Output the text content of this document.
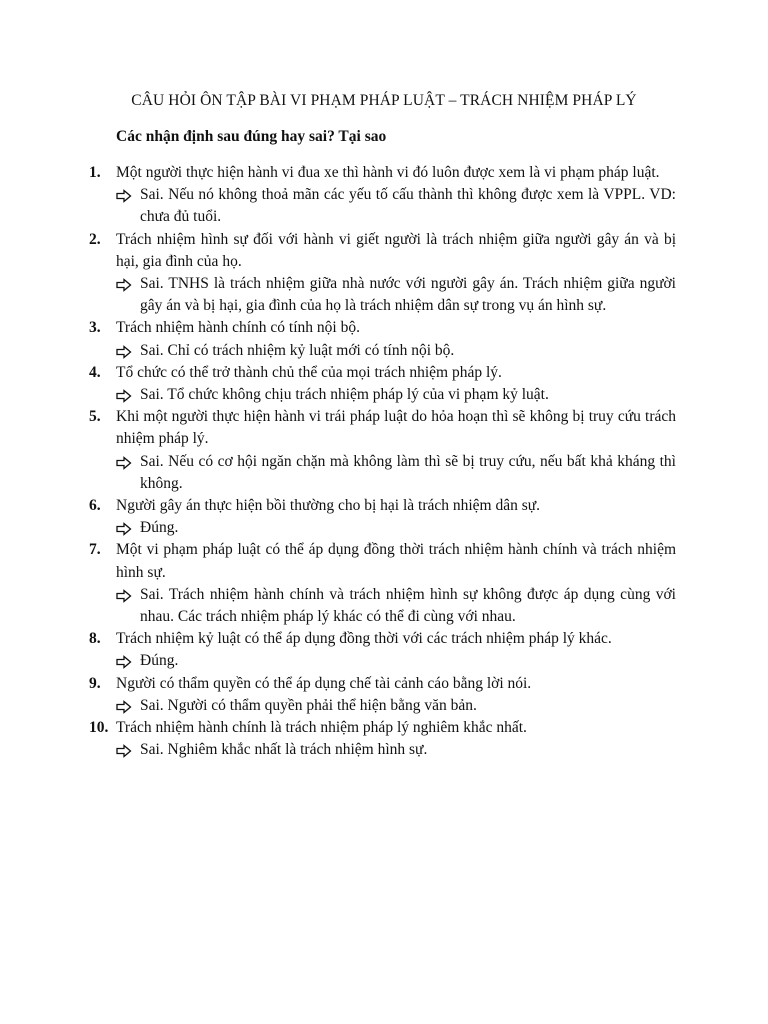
CÂU HỎI ÔN TẬP BÀI VI PHẠM PHÁP LUẬT – TRÁCH NHIỆM PHÁP LÝ
Các nhận định sau đúng hay sai? Tại sao
1. Một người thực hiện hành vi đua xe thì hành vi đó luôn được xem là vi phạm pháp luật.
Sai. Nếu nó không thoả mãn các yếu tố cấu thành thì không được xem là VPPL. VD: chưa đủ tuổi.
2. Trách nhiệm hình sự đối với hành vi giết người là trách nhiệm giữa người gây án và bị hại, gia đình của họ.
Sai. TNHS là trách nhiệm giữa nhà nước với người gây án. Trách nhiệm giữa người gây án và bị hại, gia đình của họ là trách nhiệm dân sự trong vụ án hình sự.
3. Trách nhiệm hành chính có tính nội bộ.
Sai. Chỉ có trách nhiệm kỷ luật mới có tính nội bộ.
4. Tổ chức có thể trở thành chủ thể của mọi trách nhiệm pháp lý.
Sai. Tổ chức không chịu trách nhiệm pháp lý của vi phạm kỷ luật.
5. Khi một người thực hiện hành vi trái pháp luật do hỏa hoạn thì sẽ không bị truy cứu trách nhiệm pháp lý.
Sai. Nếu có cơ hội ngăn chặn mà không làm thì sẽ bị truy cứu, nếu bất khả kháng thì không.
6. Người gây án thực hiện bồi thường cho bị hại là trách nhiệm dân sự.
Đúng.
7. Một vi phạm pháp luật có thể áp dụng đồng thời trách nhiệm hành chính và trách nhiệm hình sự.
Sai. Trách nhiệm hành chính và trách nhiệm hình sự không được áp dụng cùng với nhau. Các trách nhiệm pháp lý khác có thể đi cùng với nhau.
8. Trách nhiệm kỷ luật có thể áp dụng đồng thời với các trách nhiệm pháp lý khác.
Đúng.
9. Người có thẩm quyền có thể áp dụng chế tài cảnh cáo bằng lời nói.
Sai. Người có thẩm quyền phải thể hiện bằng văn bản.
10. Trách nhiệm hành chính là trách nhiệm pháp lý nghiêm khắc nhất.
Sai. Nghiêm khắc nhất là trách nhiệm hình sự.
